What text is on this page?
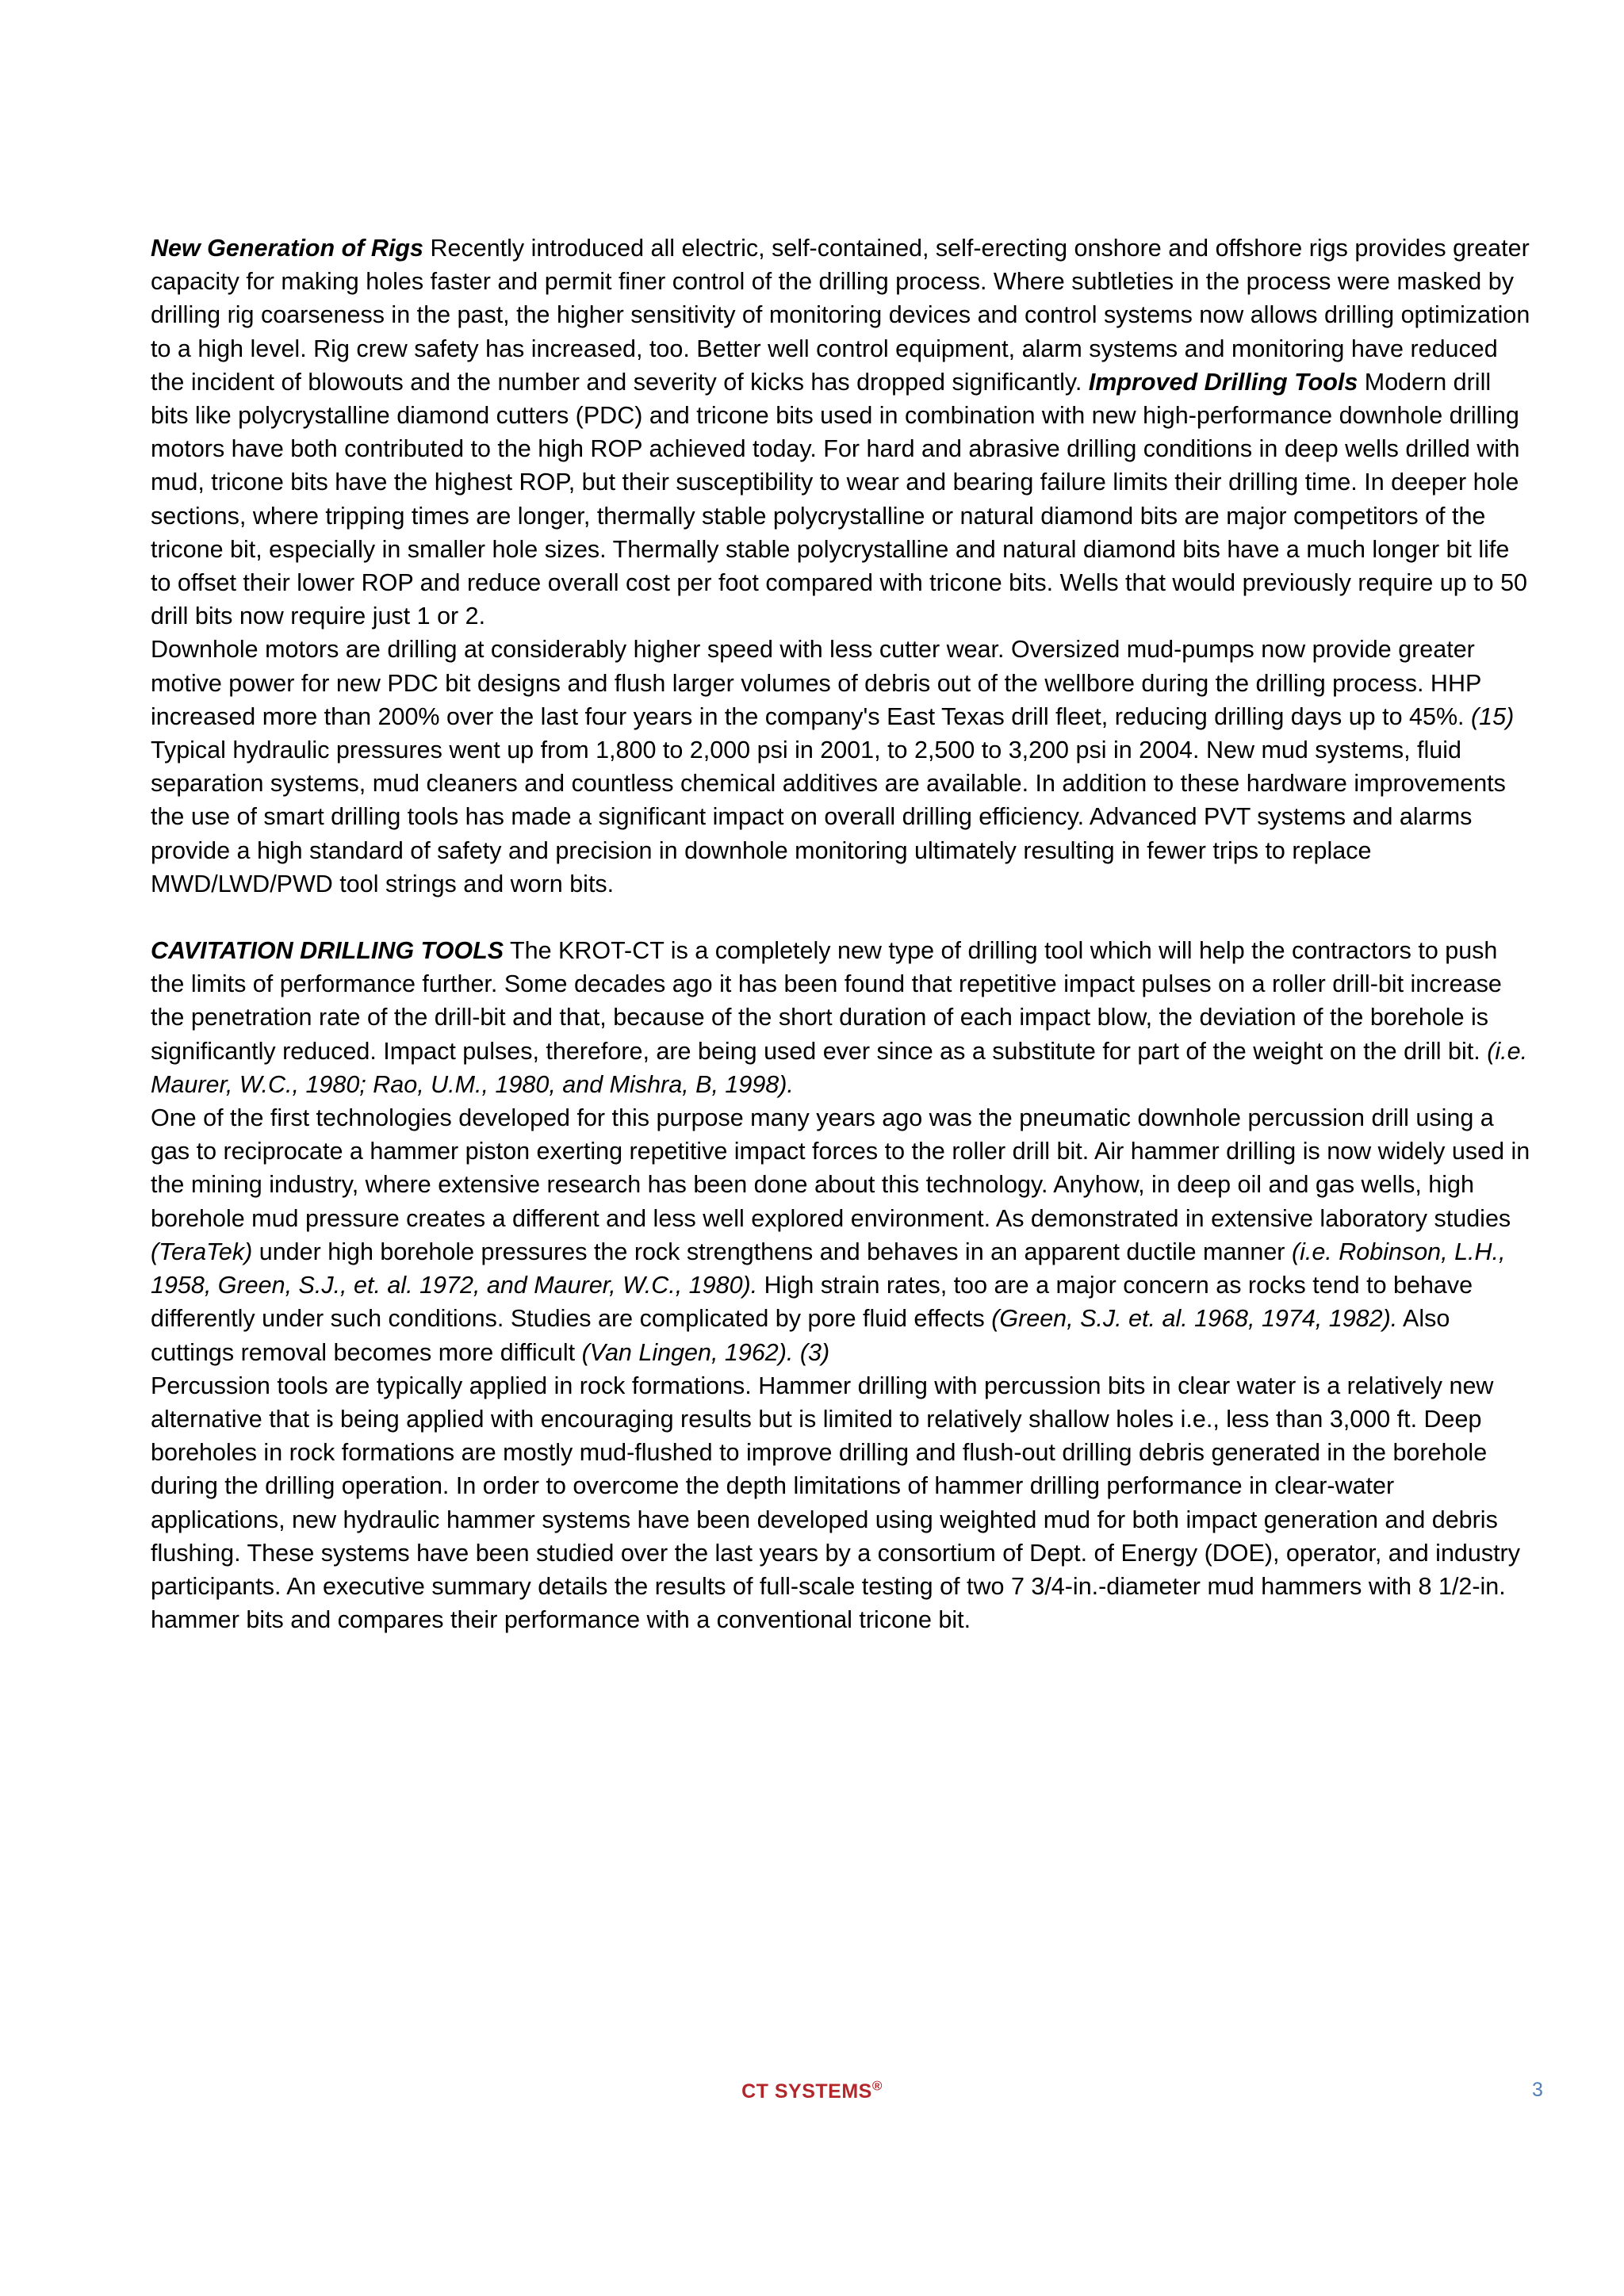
New Generation of Rigs Recently introduced all electric, self-contained, self-erecting onshore and offshore rigs provides greater capacity for making holes faster and permit finer control of the drilling process. Where subtleties in the process were masked by drilling rig coarseness in the past, the higher sensitivity of monitoring devices and control systems now allows drilling optimization to a high level. Rig crew safety has increased, too. Better well control equipment, alarm systems and monitoring have reduced the incident of blowouts and the number and severity of kicks has dropped significantly. Improved Drilling Tools Modern drill bits like polycrystalline diamond cutters (PDC) and tricone bits used in combination with new high-performance downhole drilling motors have both contributed to the high ROP achieved today. For hard and abrasive drilling conditions in deep wells drilled with mud, tricone bits have the highest ROP, but their susceptibility to wear and bearing failure limits their drilling time. In deeper hole sections, where tripping times are longer, thermally stable polycrystalline or natural diamond bits are major competitors of the tricone bit, especially in smaller hole sizes. Thermally stable polycrystalline and natural diamond bits have a much longer bit life to offset their lower ROP and reduce overall cost per foot compared with tricone bits. Wells that would previously require up to 50 drill bits now require just 1 or 2.

Downhole motors are drilling at considerably higher speed with less cutter wear. Oversized mud-pumps now provide greater motive power for new PDC bit designs and flush larger volumes of debris out of the wellbore during the drilling process. HHP increased more than 200% over the last four years in the company's East Texas drill fleet, reducing drilling days up to 45%. (15) Typical hydraulic pressures went up from 1,800 to 2,000 psi in 2001, to 2,500 to 3,200 psi in 2004. New mud systems, fluid separation systems, mud cleaners and countless chemical additives are available. In addition to these hardware improvements the use of smart drilling tools has made a significant impact on overall drilling efficiency. Advanced PVT systems and alarms provide a high standard of safety and precision in downhole monitoring ultimately resulting in fewer trips to replace MWD/LWD/PWD tool strings and worn bits.

CAVITATION DRILLING TOOLS The KROT-CT is a completely new type of drilling tool which will help the contractors to push the limits of performance further. Some decades ago it has been found that repetitive impact pulses on a roller drill-bit increase the penetration rate of the drill-bit and that, because of the short duration of each impact blow, the deviation of the borehole is significantly reduced. Impact pulses, therefore, are being used ever since as a substitute for part of the weight on the drill bit. (i.e. Maurer, W.C., 1980; Rao, U.M., 1980, and Mishra, B, 1998).

One of the first technologies developed for this purpose many years ago was the pneumatic downhole percussion drill using a gas to reciprocate a hammer piston exerting repetitive impact forces to the roller drill bit. Air hammer drilling is now widely used in the mining industry, where extensive research has been done about this technology. Anyhow, in deep oil and gas wells, high borehole mud pressure creates a different and less well explored environment. As demonstrated in extensive laboratory studies (TeraTek) under high borehole pressures the rock strengthens and behaves in an apparent ductile manner (i.e. Robinson, L.H., 1958, Green, S.J., et. al. 1972, and Maurer, W.C., 1980). High strain rates, too are a major concern as rocks tend to behave differently under such conditions. Studies are complicated by pore fluid effects (Green, S.J. et. al. 1968, 1974, 1982). Also cuttings removal becomes more difficult (Van Lingen, 1962). (3)

Percussion tools are typically applied in rock formations. Hammer drilling with percussion bits in clear water is a relatively new alternative that is being applied with encouraging results but is limited to relatively shallow holes i.e., less than 3,000 ft. Deep boreholes in rock formations are mostly mud-flushed to improve drilling and flush-out drilling debris generated in the borehole during the drilling operation. In order to overcome the depth limitations of hammer drilling performance in clear-water applications, new hydraulic hammer systems have been developed using weighted mud for both impact generation and debris flushing. These systems have been studied over the last years by a consortium of Dept. of Energy (DOE), operator, and industry participants. An executive summary details the results of full-scale testing of two 7 3/4-in.-diameter mud hammers with 8 1/2-in. hammer bits and compares their performance with a conventional tricone bit.

CT SYSTEMS®	3
